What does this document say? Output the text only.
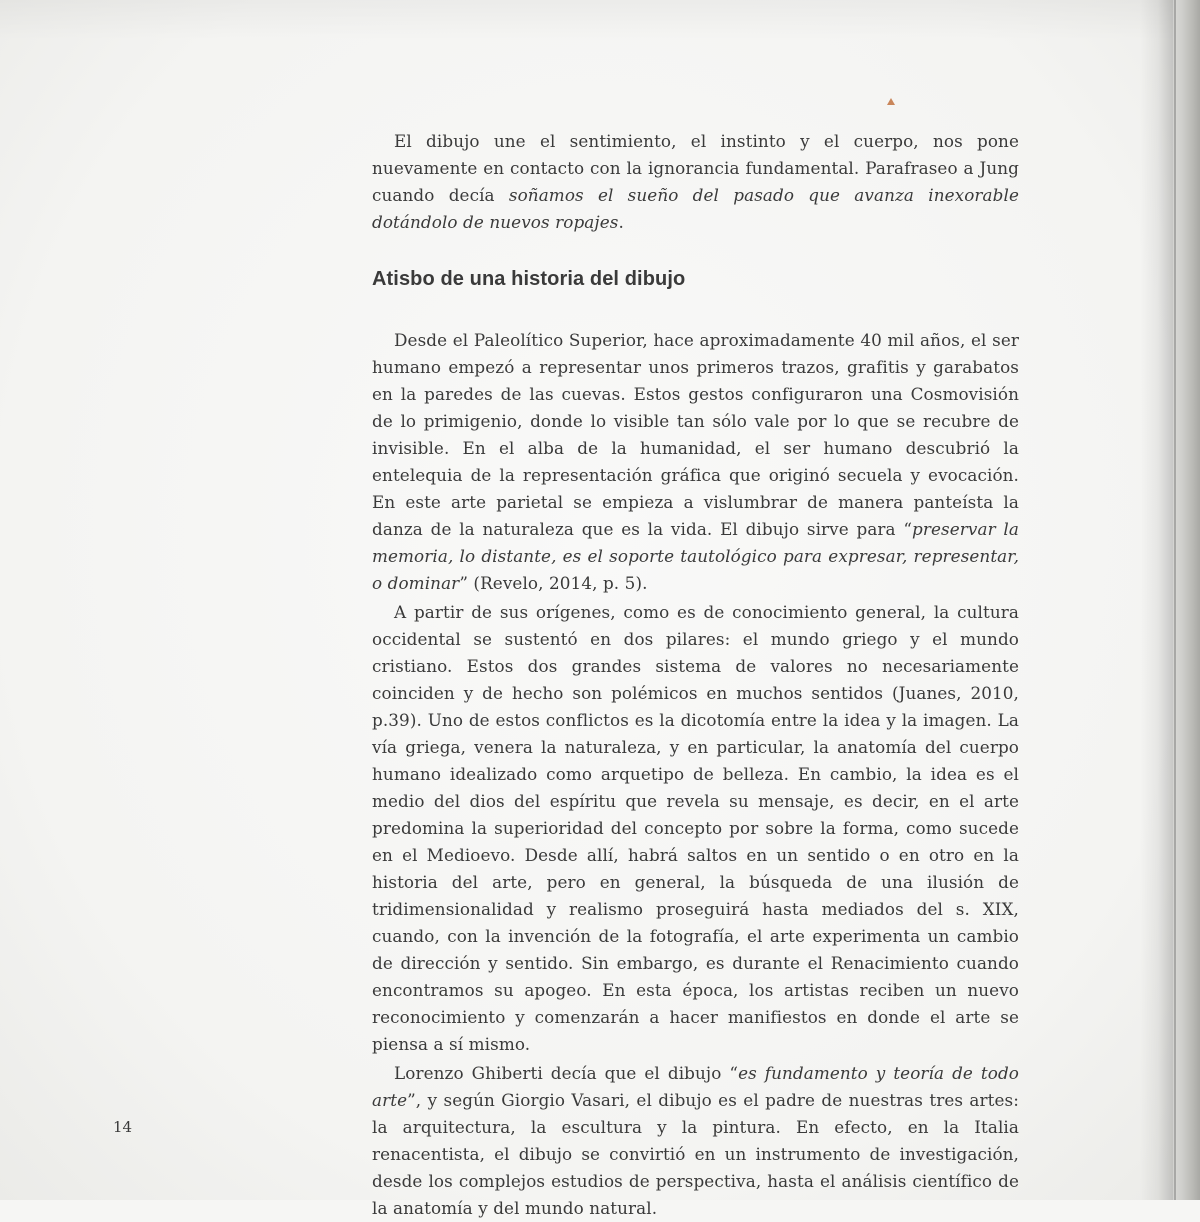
El dibujo une el sentimiento, el instinto y el cuerpo, nos pone nuevamente en contacto con la ignorancia fundamental. Parafraseo a Jung cuando decía soñamos el sueño del pasado que avanza inexorable dotándolo de nuevos ropajes.

Atisbo de una historia del dibujo

Desde el Paleolítico Superior, hace aproximadamente 40 mil años, el ser humano empezó a representar unos primeros trazos, grafitis y garabatos en la paredes de las cuevas. Estos gestos configuraron una Cosmovisión de lo primigenio, donde lo visible tan sólo vale por lo que se recubre de invisible. En el alba de la humanidad, el ser humano descubrió la entelequia de la representación gráfica que originó secuela y evocación. En este arte parietal se empieza a vislumbrar de manera panteísta la danza de la naturaleza que es la vida. El dibujo sirve para “preservar la memoria, lo distante, es el soporte tautológico para expresar, representar, o dominar” (Revelo, 2014, p. 5).

A partir de sus orígenes, como es de conocimiento general, la cultura occidental se sustentó en dos pilares: el mundo griego y el mundo cristiano. Estos dos grandes sistema de valores no necesariamente coinciden y de hecho son polémicos en muchos sentidos (Juanes, 2010, p.39). Uno de estos conflictos es la dicotomía entre la idea y la imagen. La vía griega, venera la naturaleza, y en particular, la anatomía del cuerpo humano idealizado como arquetipo de belleza. En cambio, la idea es el medio del dios del espíritu que revela su mensaje, es decir, en el arte predomina la superioridad del concepto por sobre la forma, como sucede en el Medioevo. Desde allí, habrá saltos en un sentido o en otro en la historia del arte, pero en general, la búsqueda de una ilusión de tridimensionalidad y realismo proseguirá hasta mediados del s. XIX, cuando, con la invención de la fotografía, el arte experimenta un cambio de dirección y sentido. Sin embargo, es durante el Renacimiento cuando encontramos su apogeo. En esta época, los artistas reciben un nuevo reconocimiento y comenzarán a hacer manifiestos en donde el arte se piensa a sí mismo.

Lorenzo Ghiberti decía que el dibujo “es fundamento y teoría de todo arte”, y según Giorgio Vasari, el dibujo es el padre de nuestras tres artes: la arquitectura, la escultura y la pintura. En efecto, en la Italia renacentista, el dibujo se convirtió en un instrumento de investigación, desde los complejos estudios de perspectiva, hasta el análisis científico de la anatomía y del mundo natural.

14
